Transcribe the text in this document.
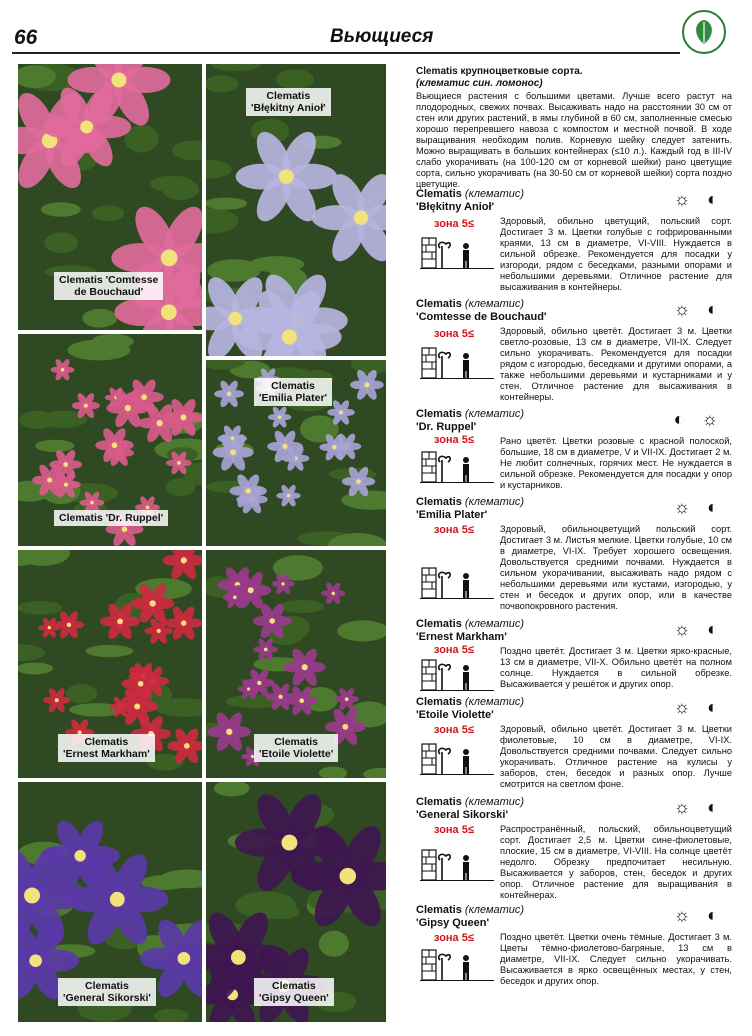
66	Вьющиеся
Clematis 'Comtesse
de Bouchaud'
Clematis
'Błękitny Anioł'
Clematis 'Dr. Ruppel'
Clematis
'Emilia Plater'
Clematis
'Ernest Markham'
Clematis
'Etoile Violette'
Clematis
'General Sikorski'
Clematis
'Gipsy Queen'
Clematis крупноцветковые сорта.
(клематис син. ломонос)
Вьющиеся растения с большими цветами. Лучше всего растут на плодородных, свежих почвах. Высаживать надо на расстоянии 30 см от стен или других растений, в ямы глубиной в 60 см, заполненные смесью хорошо перепревшего навоза с компостом и местной почвой. В ходе выращивания необходим полив. Корневую шейку следует затенить. Можно выращивать в больших контейнерах (≤10 л.). Каждый год в III-IV слабо укорачивать (на 100-120 см от корневой шейки) рано цветущие сорта, сильно укорачивать (на 30-50 см от корневой шейки) сорта поздно цветущие.
Clematis (клематис)
'Błękitny Anioł'	☼ ◐
зона 5≤	Здоровый, обильно цветущий, польский сорт. Достигает 3 м. Цветки голубые с гофрированными краями, 13 см в диаметре, VI-VIII. Нуждается в сильной обрезке. Рекомендуется для посадки у изгороди, рядом с беседками, разными опорами и небольшими деревьями. Отличное растение для высаживания в контейнеры.
Clematis (клематис)
'Comtesse de Bouchaud'	☼ ◐
зона 5≤	Здоровый, обильно цветёт. Достигает 3 м. Цветки светло-розовые, 13 см в диаметре, VII-IX. Следует сильно укорачивать. Рекомендуется для посадки рядом с изгородью, беседками и другими опорами, а также небольшими деревьями и кустарниками и у стен. Отличное растение для высаживания в контейнеры.
Clematis (клематис)
'Dr. Ruppel'	◐ ☼
зона 5≤	Рано цветёт. Цветки розовые с красной полоской, большие, 18 см в диаметре, V и VII-IX. Достигает 2 м. Не любит солнечных, горячих мест. Не нуждается в сильной обрезке. Рекомендуется для посадки у опор и кустарников.
Clematis (клематис)
'Emilia Plater'	☼ ◐
зона 5≤	Здоровый, обильноцветущий польский сорт. Достигает 3 м. Листья мелкие. Цветки голубые, 10 см в диаметре, VI-IX. Требует хорошего освещения. Довольствуется средними почвами. Нуждается в сильном укорачивании, высаживать надо рядом с небольшими деревьями или кустами, изгородью, у стен и беседок и других опор, или в качестве почвопокровного растения.
Clematis (клематис)
'Ernest Markham'	☼ ◐
зона 5≤	Поздно цветёт. Достигает 3 м. Цветки ярко-красные, 13 см в диаметре, VII-X. Обильно цветёт на полном солнце. Нуждается в сильной обрезке. Высаживается у решёток и других опор.
Clematis (клематис)
'Etoile Violette'	☼ ◐
зона 5≤	Здоровый, обильно цветёт. Достигает 3 м. Цветки фиолетовые, 10 см в диаметре, VI-IX. Довольствуется средними почвами. Следует сильно укорачивать. Отличное растение на кулисы у заборов, стен, беседок и разных опор. Лучше смотрится на светлом фоне.
Clematis (клематис)
'General Sikorski'	☼ ◐
зона 5≤	Распространённый, польский, обильноцветущий сорт. Достигает 2,5 м. Цветки сине-фиолетовые, плоские, 15 см в диаметре, VI-VIII. На солнце цветёт недолго. Обрезку предпочитает несильную. Высаживается у заборов, стен, беседок и других опор. Отличное растение для выращивания в контейнерах.
Clematis (клематис)
'Gipsy Queen'	☼ ◐
зона 5≤	Поздно цветёт. Цветки очень тёмные. Достигает 3 м. Цветы тёмно-фиолетово-багряные, 13 см в диаметре, VII-IX. Следует сильно укорачивать. Высаживается в ярко освещённых местах, у стен, беседок и других опор.
